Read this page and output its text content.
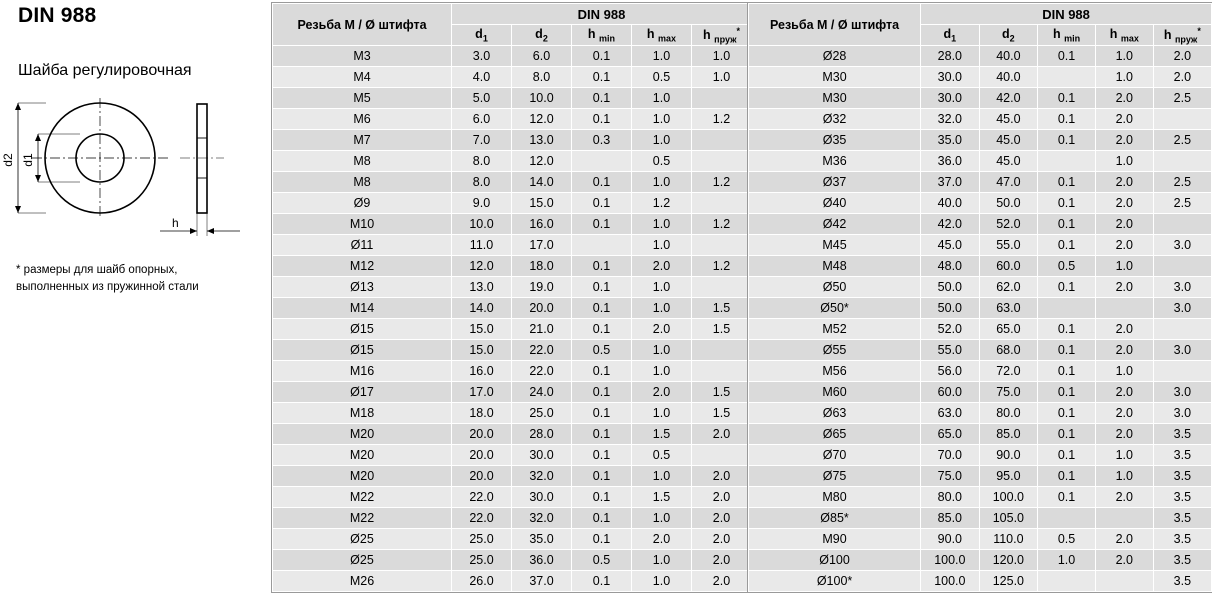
DIN 988
Шайба регулировочная
d2 d1
h
* размеры для шайб опорных,
выполненных из пружинной стали
Резьба M / Ø штифта	DIN 988				
	$d_1$	$d_2$	h $_{min}$	h $_{max}$	h $_{пруж}$*
M3	3.0	6.0	0.1	1.0	1.0
M4	4.0	8.0	0.1	0.5	1.0
M5	5.0	10.0	0.1	1.0	
M6	6.0	12.0	0.1	1.0	1.2
M7	7.0	13.0	0.3	1.0	
M8	8.0	12.0		0.5	
M8	8.0	14.0	0.1	1.0	1.2
Ø9	9.0	15.0	0.1	1.2	
M10	10.0	16.0	0.1	1.0	1.2
Ø11	11.0	17.0		1.0	
M12	12.0	18.0	0.1	2.0	1.2
Ø13	13.0	19.0	0.1	1.0	
M14	14.0	20.0	0.1	1.0	1.5
Ø15	15.0	21.0	0.1	2.0	1.5
Ø15	15.0	22.0	0.5	1.0	
M16	16.0	22.0	0.1	1.0	
Ø17	17.0	24.0	0.1	2.0	1.5
M18	18.0	25.0	0.1	1.0	1.5
M20	20.0	28.0	0.1	1.5	2.0
M20	20.0	30.0	0.1	0.5	
M20	20.0	32.0	0.1	1.0	2.0
M22	22.0	30.0	0.1	1.5	2.0
M22	22.0	32.0	0.1	1.0	2.0
Ø25	25.0	35.0	0.1	2.0	2.0
Ø25	25.0	36.0	0.5	1.0	2.0
M26	26.0	37.0	0.1	1.0	2.0
Резьба M / Ø штифта	DIN 988				
	$d_1$	$d_2$	h $_{min}$	h $_{max}$	h $_{пруж}$*
Ø28	28.0	40.0	0.1	1.0	2.0
M30	30.0	40.0		1.0	2.0
M30	30.0	42.0	0.1	2.0	2.5
Ø32	32.0	45.0	0.1	2.0	
Ø35	35.0	45.0	0.1	2.0	2.5
M36	36.0	45.0		1.0	
Ø37	37.0	47.0	0.1	2.0	2.5
Ø40	40.0	50.0	0.1	2.0	2.5
Ø42	42.0	52.0	0.1	2.0	
M45	45.0	55.0	0.1	2.0	3.0
M48	48.0	60.0	0.5	1.0	
Ø50	50.0	62.0	0.1	2.0	3.0
Ø50*	50.0	63.0			3.0
M52	52.0	65.0	0.1	2.0	
Ø55	55.0	68.0	0.1	2.0	3.0
M56	56.0	72.0	0.1	1.0	
M60	60.0	75.0	0.1	2.0	3.0
Ø63	63.0	80.0	0.1	2.0	3.0
Ø65	65.0	85.0	0.1	2.0	3.5
Ø70	70.0	90.0	0.1	1.0	3.5
Ø75	75.0	95.0	0.1	1.0	3.5
M80	80.0	100.0	0.1	2.0	3.5
Ø85*	85.0	105.0			3.5
M90	90.0	110.0	0.5	2.0	3.5
Ø100	100.0	120.0	1.0	2.0	3.5
Ø100*	100.0	125.0			3.5
